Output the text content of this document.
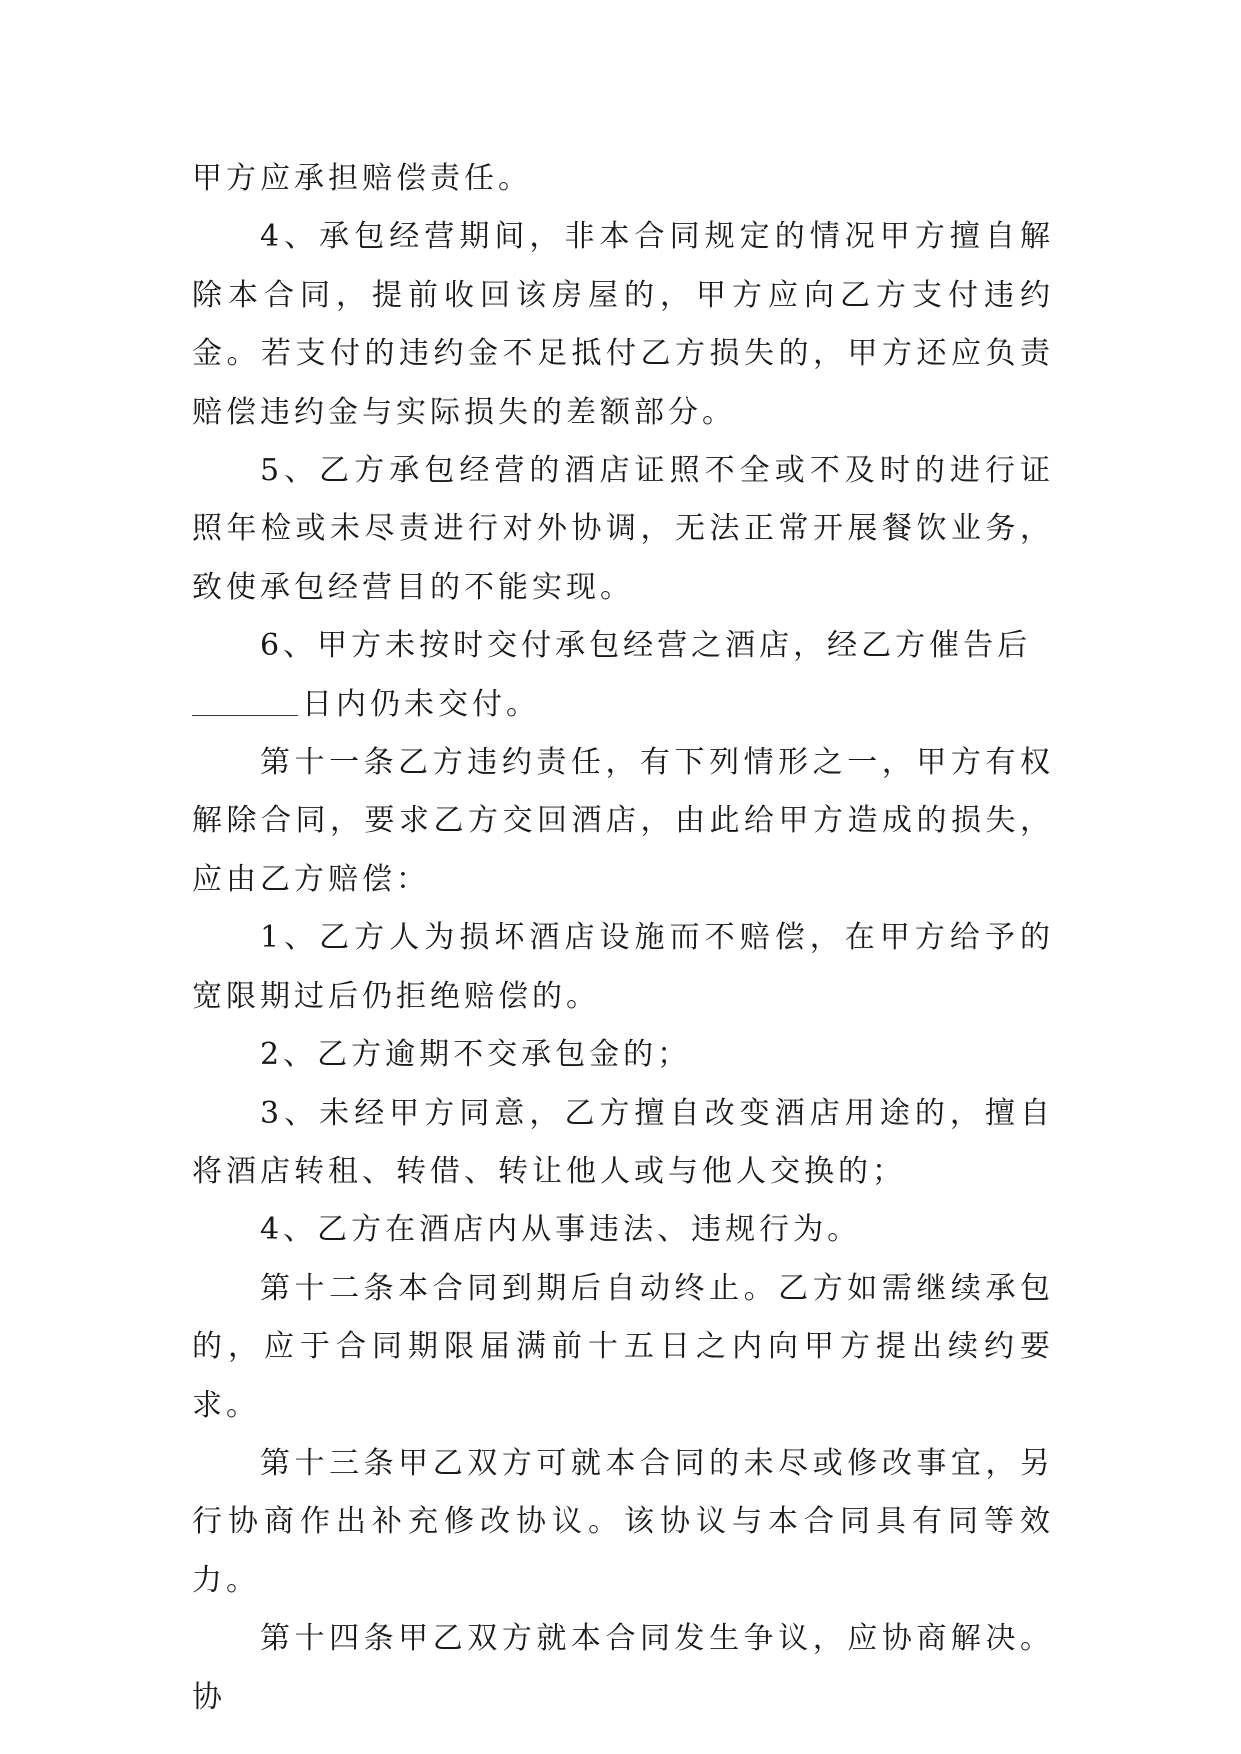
甲方应承担赔偿责任。

4、承包经营期间，非本合同规定的情况甲方擅自解除本合同，提前收回该房屋的，甲方应向乙方支付违约金。若支付的违约金不足抵付乙方损失的，甲方还应负责赔偿违约金与实际损失的差额部分。

5、乙方承包经营的酒店证照不全或不及时的进行证照年检或未尽责进行对外协调，无法正常开展餐饮业务，致使承包经营目的不能实现。

6、甲方未按时交付承包经营之酒店，经乙方催告后

日内仍未交付。

第十一条乙方违约责任，有下列情形之一，甲方有权解除合同，要求乙方交回酒店，由此给甲方造成的损失，应由乙方赔偿：

1、乙方人为损坏酒店设施而不赔偿，在甲方给予的宽限期过后仍拒绝赔偿的。

2、乙方逾期不交承包金的；

3、未经甲方同意，乙方擅自改变酒店用途的，擅自将酒店转租、转借、转让他人或与他人交换的；

4、乙方在酒店内从事违法、违规行为。

第十二条本合同到期后自动终止。乙方如需继续承包的，应于合同期限届满前十五日之内向甲方提出续约要求。

第十三条甲乙双方可就本合同的未尽或修改事宜，另行协商作出补充修改协议。该协议与本合同具有同等效力。

第十四条甲乙双方就本合同发生争议，应协商解决。协
